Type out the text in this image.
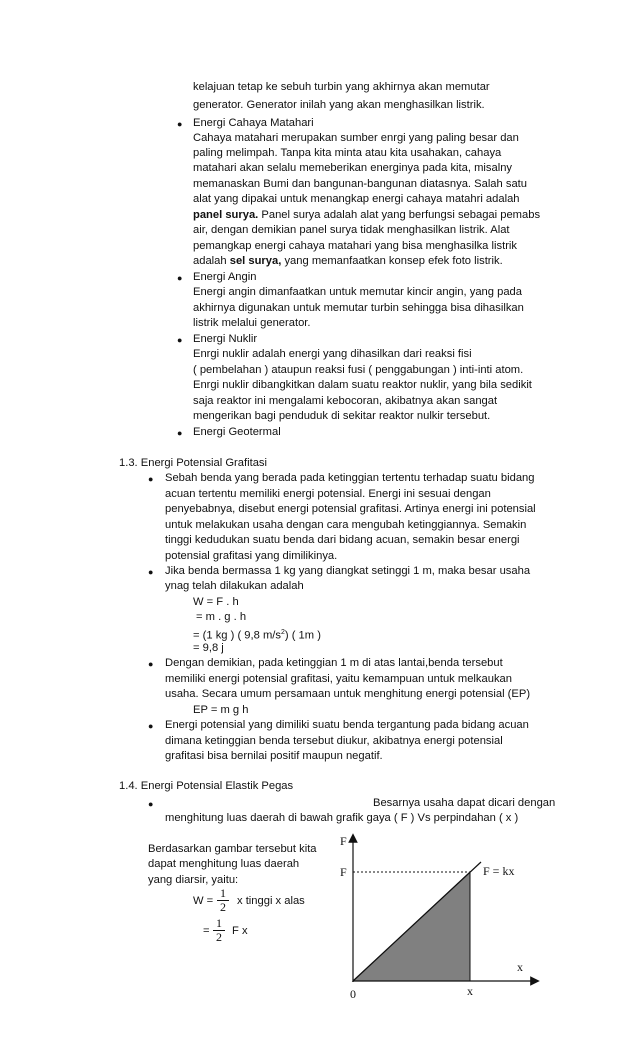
kelajuan tetap ke sebuh turbin yang akhirnya akan memutar
generator. Generator inilah yang akan menghasilkan listrik.
● Energi Cahaya Matahari
Cahaya matahari merupakan sumber enrgi yang paling besar dan
paling melimpah. Tanpa kita minta atau kita usahakan, cahaya
matahari akan selalu memeberikan energinya pada kita, misalny
memanaskan Bumi dan bangunan-bangunan diatasnya. Salah satu
alat yang dipakai untuk menangkap energi cahaya matahri adalah
panel surya. Panel surya adalah alat yang berfungsi sebagai pemabs
air, dengan demikian panel surya tidak menghasilkan listrik. Alat
pemangkap energi cahaya matahari yang bisa menghasilka listrik
adalah sel surya, yang memanfaatkan konsep efek foto listrik.
● Energi Angin
Energi angin dimanfaatkan untuk memutar kincir angin, yang pada
akhirnya digunakan untuk memutar turbin sehingga bisa dihasilkan
listrik melalui generator.
● Energi Nuklir
Enrgi nuklir adalah energi yang dihasilkan dari reaksi fisi
( pembelahan ) ataupun reaksi fusi ( penggabungan ) inti-inti atom.
Enrgi nuklir dibangkitkan dalam suatu reaktor nuklir, yang bila sedikit
saja reaktor ini mengalami kebocoran, akibatnya akan sangat
mengerikan bagi penduduk di sekitar reaktor nulkir tersebut.
● Energi Geotermal
1.3. Energi Potensial Grafitasi
● Sebah benda yang berada pada ketinggian tertentu terhadap suatu bidang
acuan tertentu memiliki energi potensial. Energi ini sesuai dengan
penyebabnya, disebut energi potensial grafitasi. Artinya energi ini potensial
untuk melakukan usaha dengan cara mengubah ketinggiannya. Semakin
tinggi kedudukan suatu benda dari bidang acuan, semakin besar energi
potensial grafitasi yang dimilikinya.
● Jika benda bermassa 1 kg yang diangkat setinggi 1 m, maka besar usaha
ynag telah dilakukan adalah
W = F . h
= m . g . h
= (1 kg ) ( 9,8 $m/s^2$) ( 1m )
= 9,8 j
● Dengan demikian, pada ketinggian 1 m di atas lantai,benda tersebut
memiliki energi potensial grafitasi, yaitu kemampuan untuk melkaukan
usaha. Secara umum persamaan untuk menghitung energi potensial (EP)
EP = m g h
● Energi potensial yang dimiliki suatu benda tergantung pada bidang acuan
dimana ketinggian benda tersebut diukur, akibatnya energi potensial
grafitasi bisa bernilai positif maupun negatif.
1.4. Energi Potensial Elastik Pegas
●	Besarnya usaha dapat dicari dengan
menghitung luas daerah di bawah grafik gaya ( F ) Vs perpindahan ( x )
Berdasarkan gambar tersebut kita
dapat menghitung luas daerah
yang diarsir, yaitu:
$W = \frac{1}{2}$ x tinggi x alas
= $\frac{1}{2}$ F x
F
F	F = kx
x
x
0
